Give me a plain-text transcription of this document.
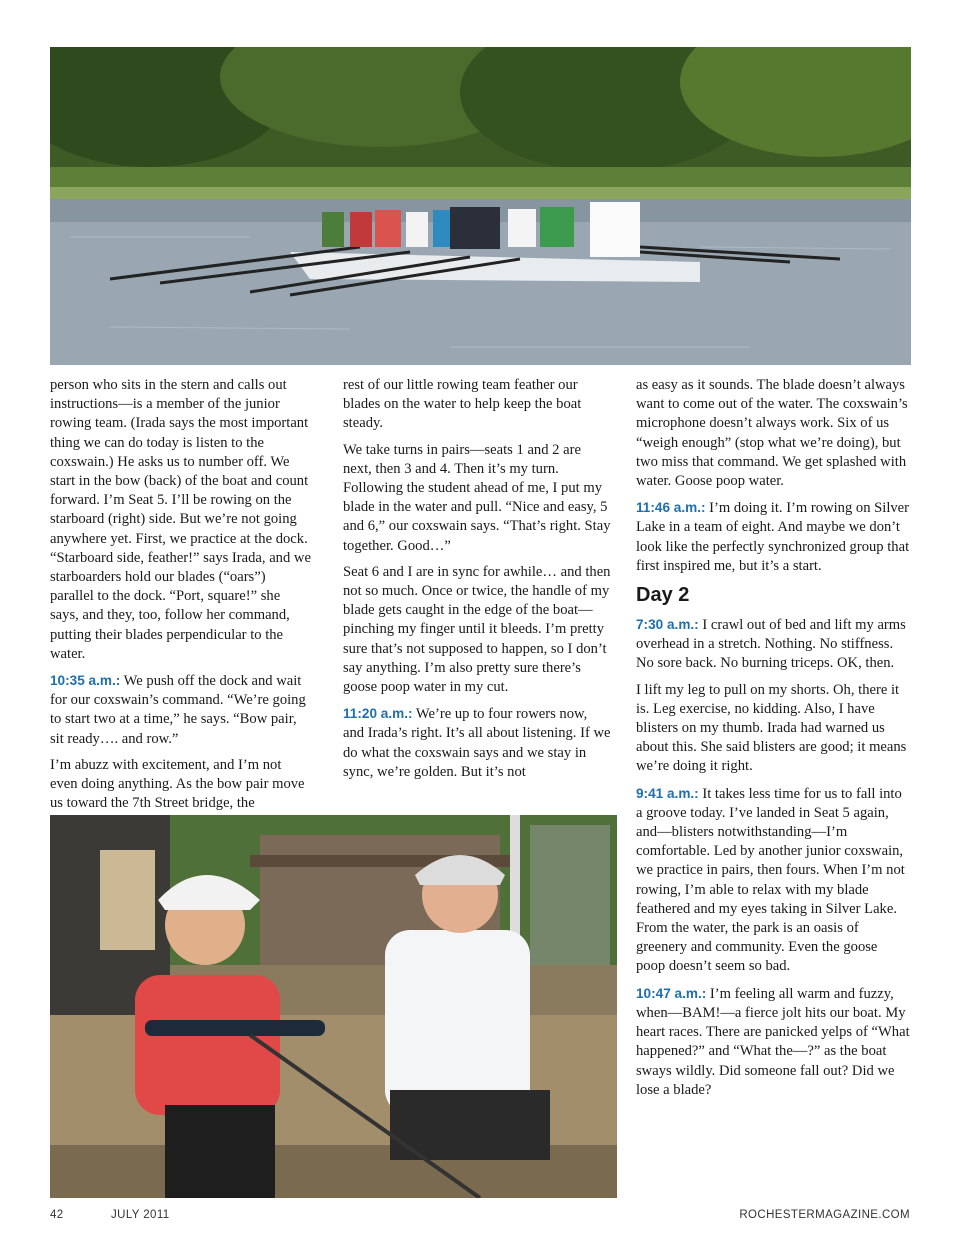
person who sits in the stern and calls out instructions—is a member of the junior rowing team. (Irada says the most important thing we can do today is listen to the coxswain.) He asks us to number off. We start in the bow (back) of the boat and count forward. I’m Seat 5. I’ll be rowing on the starboard (right) side. But we’re not going anywhere yet. First, we practice at the dock. “Starboard side, feather!” says Irada, and we starboarders hold our blades (“oars”) parallel to the dock. “Port, square!” she says, and they, too, follow her command, putting their blades perpendicular to the water.

10:35 a.m.: We push off the dock and wait for our coxswain’s command. “We’re going to start two at a time,” he says. “Bow pair, sit ready…. and row.”

I’m abuzz with excitement, and I’m not even doing anything. As the bow pair move us toward the 7th Street bridge, the

rest of our little rowing team feather our blades on the water to help keep the boat steady.

We take turns in pairs—seats 1 and 2 are next, then 3 and 4. Then it’s my turn. Following the student ahead of me, I put my blade in the water and pull. “Nice and easy, 5 and 6,” our coxswain says. “That’s right. Stay together. Good…”

Seat 6 and I are in sync for awhile… and then not so much. Once or twice, the handle of my blade gets caught in the edge of the boat—pinching my finger until it bleeds. I’m pretty sure that’s not supposed to happen, so I don’t say anything. I’m also pretty sure there’s goose poop water in my cut.

11:20 a.m.: We’re up to four rowers now, and Irada’s right. It’s all about listening. If we do what the coxswain says and we stay in sync, we’re golden. But it’s not

as easy as it sounds. The blade doesn’t always want to come out of the water. The coxswain’s microphone doesn’t always work. Six of us “weigh enough” (stop what we’re doing), but two miss that command. We get splashed with water. Goose poop water.

11:46 a.m.: I’m doing it. I’m rowing on Silver Lake in a team of eight. And maybe we don’t look like the perfectly synchronized group that first inspired me, but it’s a start.

Day 2

7:30 a.m.: I crawl out of bed and lift my arms overhead in a stretch. Nothing. No stiffness. No sore back. No burning triceps. OK, then.

I lift my leg to pull on my shorts. Oh, there it is. Leg exercise, no kidding. Also, I have blisters on my thumb. Irada had warned us about this. She said blisters are good; it means we’re doing it right.

9:41 a.m.: It takes less time for us to fall into a groove today. I’ve landed in Seat 5 again, and—blisters notwithstanding—I’m comfortable. Led by another junior coxswain, we practice in pairs, then fours. When I’m not rowing, I’m able to relax with my blade feathered and my eyes taking in Silver Lake. From the water, the park is an oasis of greenery and community. Even the goose poop doesn’t seem so bad.

10:47 a.m.: I’m feeling all warm and fuzzy, when—BAM!—a fierce jolt hits our boat. My heart races. There are panicked yelps of “What happened?” and “What the—?” as the boat sways wildly. Did someone fall out? Did we lose a blade?

42	JULY 2011	ROCHESTERMAGAZINE.COM
